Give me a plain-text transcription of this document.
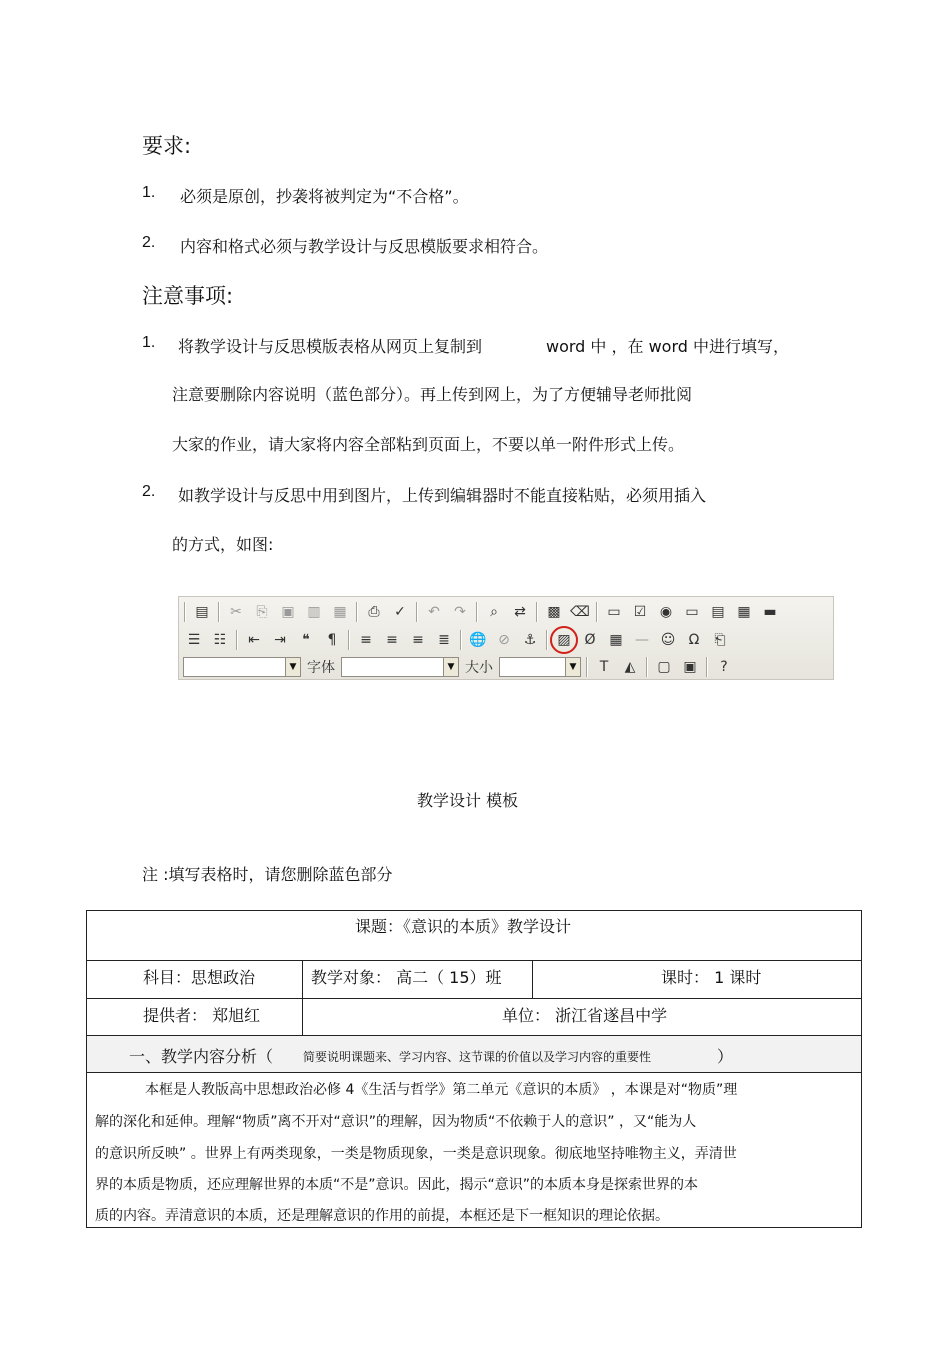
要求:
1. 必须是原创，抄袭将被判定为“不合格”。
2. 内容和格式必须与教学设计与反思模版要求相符合。
注意事项:
1. 将教学设计与反思模版表格从网页上复制到	word 中 ，在 word 中进行填写，
注意要删除内容说明（蓝色部分）。再上传到网上，为了方便辅导老师批阅
大家的作业，请大家将内容全部粘到页面上，不要以单一附件形式上传。
2. 如教学设计与反思中用到图片，上传到编辑器时不能直接粘贴，必须用插入
的方式，如图:
▤	✂	⎘ ▣ ▥ ▦	⎙	✓	↶	↷	⌕	⇄	▩ ⌫	▭ ☑ ◉ ▭ ▤ ▦ ▬
☰ ☷	⇤	⇥	❝	¶	≡	≡	≡	≣	🌐 ⊘ ⚓	▨ Ø ▦ — ☺ Ω	⎗
▼ 字体	▼ 大小	▼	T	◭	▢ ▣	?
教学设计 模板
注 :填写表格时，请您删除蓝色部分
课题：《意识的本质》教学设计
科目：思想政治	教学对象： 高二（ 15）班	课时： 1 课时
提供者： 郑旭红	单位： 浙江省遂昌中学
一、教学内容分析（ 简要说明课题来、学习内容、这节课的价值以及学习内容的重要性	）
本框是人教版高中思想政治必修 4《生活与哲学》第二单元《意识的本质》 ，本课是对“物质”理
解的深化和延伸。理解“物质”离不开对“意识”的理解，因为物质“不依赖于人的意识” ，又“能为人
的意识所反映” 。世界上有两类现象，一类是物质现象，一类是意识现象。彻底地坚持唯物主义，弄清世
界的本质是物质，还应理解世界的本质“不是”意识。因此，揭示“意识”的本质本身是探索世界的本
质的内容。弄清意识的本质，还是理解意识的作用的前提，本框还是下一框知识的理论依据。
